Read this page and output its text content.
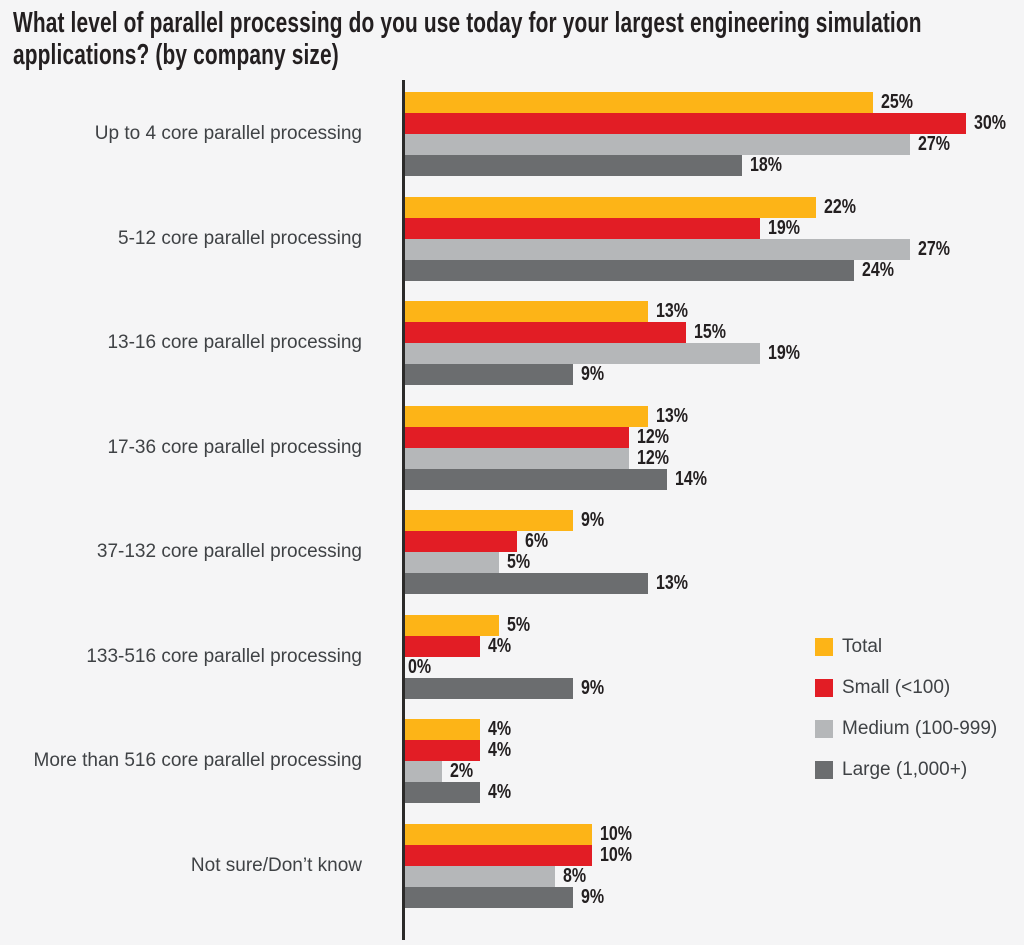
What level of parallel processing do you use today for your largest engineering simulation
applications? (by company size)
Up to 4 core parallel processing
25%
30%
27%
18%
5-12 core parallel processing
22%
19%
27%
24%
13-16 core parallel processing
13%
15%
19%
9%
17-36 core parallel processing
13%
12%
12%
14%
37-132 core parallel processing
9%
6%
5%
13%
133-516 core parallel processing
5%
4%
0%
9%
More than 516 core parallel processing
4%
4%
2%
4%
Not sure/Don’t know
10%
10%
8%
9%
Total
Small (<100)
Medium (100-999)
Large (1,000+)
